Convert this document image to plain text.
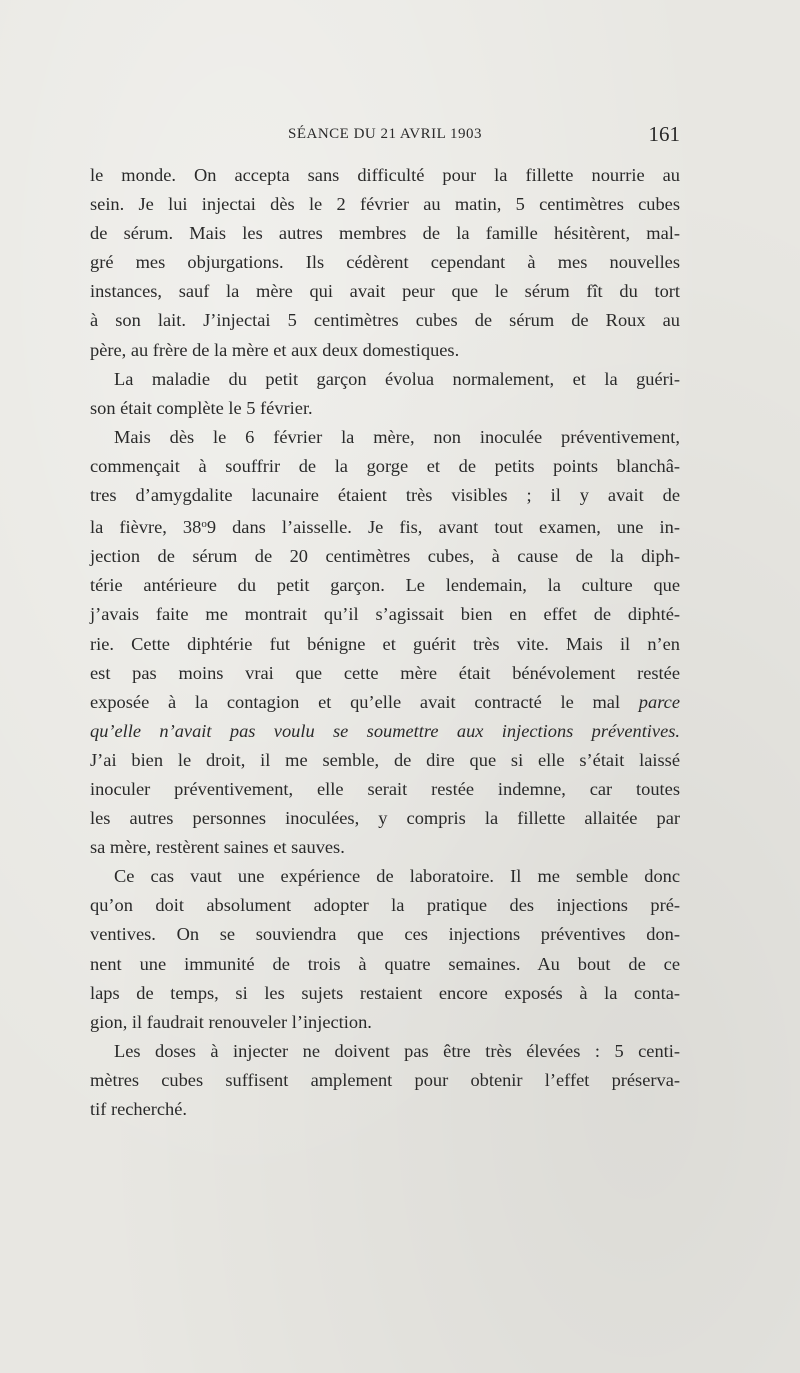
SÉANCE DU 21 AVRIL 1903	161
le monde. On accepta sans difficulté pour la fillette nourrie au
sein. Je lui injectai dès le 2 février au matin, 5 centimètres cubes
de sérum. Mais les autres membres de la famille hésitèrent, mal-
gré mes objurgations. Ils cédèrent cependant à mes nouvelles
instances, sauf la mère qui avait peur que le sérum fît du tort
à son lait. J’injectai 5 centimètres cubes de sérum de Roux au
père, au frère de la mère et aux deux domestiques.
La maladie du petit garçon évolua normalement, et la guéri-
son était complète le 5 février.
Mais dès le 6 février la mère, non inoculée préventivement,
commençait à souffrir de la gorge et de petits points blanchâ-
tres d’amygdalite lacunaire étaient très visibles ; il y avait de
la fièvre, 38$^o$9 dans l’aisselle. Je fis, avant tout examen, une in-
jection de sérum de 20 centimètres cubes, à cause de la diph-
térie antérieure du petit garçon. Le lendemain, la culture que
j’avais faite me montrait qu’il s’agissait bien en effet de diphté-
rie. Cette diphtérie fut bénigne et guérit très vite. Mais il n’en
est pas moins vrai que cette mère était bénévolement restée
exposée à la contagion et qu’elle avait contracté le mal parce
qu’elle n’avait pas voulu se soumettre aux injections préventives.
J’ai bien le droit, il me semble, de dire que si elle s’était laissé
inoculer préventivement, elle serait restée indemne, car toutes
les autres personnes inoculées, y compris la fillette allaitée par
sa mère, restèrent saines et sauves.
Ce cas vaut une expérience de laboratoire. Il me semble donc
qu’on doit absolument adopter la pratique des injections pré-
ventives. On se souviendra que ces injections préventives don-
nent une immunité de trois à quatre semaines. Au bout de ce
laps de temps, si les sujets restaient encore exposés à la conta-
gion, il faudrait renouveler l’injection.
Les doses à injecter ne doivent pas être très élevées : 5 centi-
mètres cubes suffisent amplement pour obtenir l’effet préserva-
tif recherché.
